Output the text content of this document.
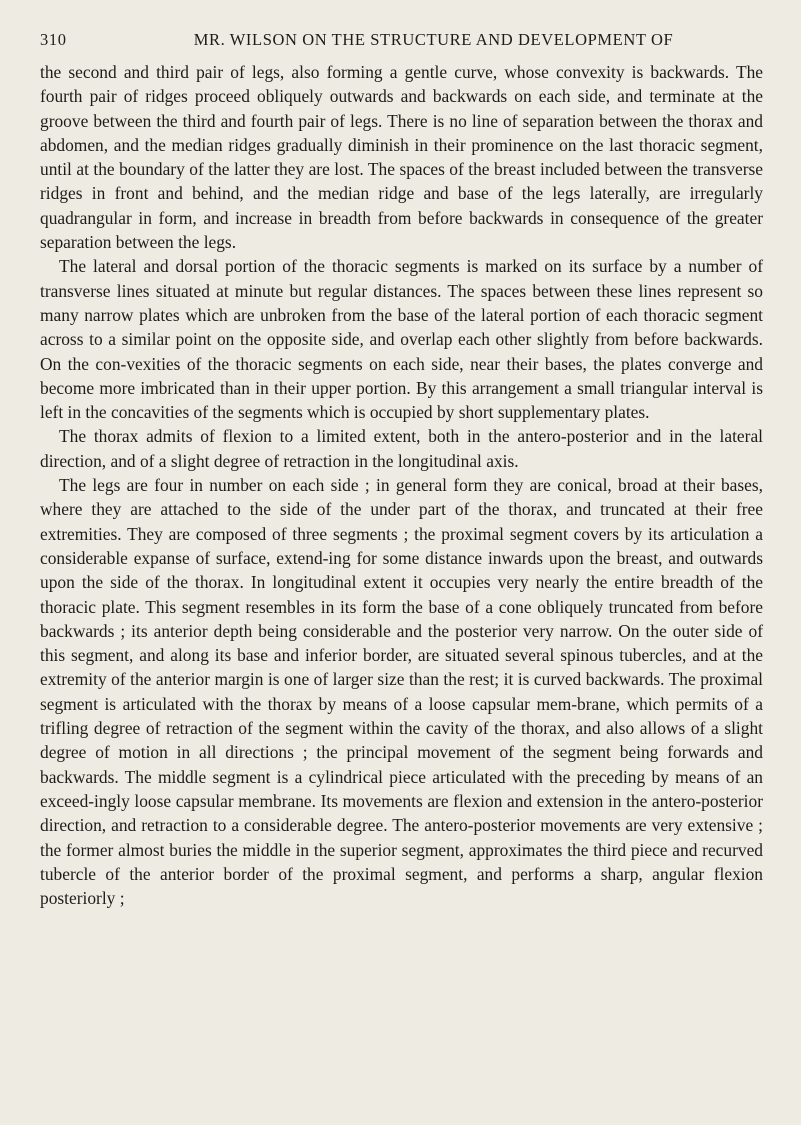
310	MR. WILSON ON THE STRUCTURE AND DEVELOPMENT OF

the second and third pair of legs, also forming a gentle curve, whose convexity is backwards. The fourth pair of ridges proceed obliquely outwards and backwards on each side, and terminate at the groove between the third and fourth pair of legs. There is no line of separation between the thorax and abdomen, and the median ridges gradually diminish in their prominence on the last thoracic segment, until at the boundary of the latter they are lost. The spaces of the breast included between the transverse ridges in front and behind, and the median ridge and base of the legs laterally, are irregularly quadrangular in form, and increase in breadth from before backwards in consequence of the greater separation between the legs.

The lateral and dorsal portion of the thoracic segments is marked on its surface by a number of transverse lines situated at minute but regular distances. The spaces between these lines represent so many narrow plates which are unbroken from the base of the lateral portion of each thoracic segment across to a similar point on the opposite side, and overlap each other slightly from before backwards. On the con-vexities of the thoracic segments on each side, near their bases, the plates converge and become more imbricated than in their upper portion. By this arrangement a small triangular interval is left in the concavities of the segments which is occupied by short supplementary plates.

The thorax admits of flexion to a limited extent, both in the antero-posterior and in the lateral direction, and of a slight degree of retraction in the longitudinal axis.

The legs are four in number on each side ; in general form they are conical, broad at their bases, where they are attached to the side of the under part of the thorax, and truncated at their free extremities. They are composed of three segments ; the proximal segment covers by its articulation a considerable expanse of surface, extend-ing for some distance inwards upon the breast, and outwards upon the side of the thorax. In longitudinal extent it occupies very nearly the entire breadth of the thoracic plate. This segment resembles in its form the base of a cone obliquely truncated from before backwards ; its anterior depth being considerable and the posterior very narrow. On the outer side of this segment, and along its base and inferior border, are situated several spinous tubercles, and at the extremity of the anterior margin is one of larger size than the rest; it is curved backwards. The proximal segment is articulated with the thorax by means of a loose capsular mem-brane, which permits of a trifling degree of retraction of the segment within the cavity of the thorax, and also allows of a slight degree of motion in all directions ; the principal movement of the segment being forwards and backwards. The middle segment is a cylindrical piece articulated with the preceding by means of an exceed-ingly loose capsular membrane. Its movements are flexion and extension in the antero-posterior direction, and retraction to a considerable degree. The antero-posterior movements are very extensive ; the former almost buries the middle in the superior segment, approximates the third piece and recurved tubercle of the anterior border of the proximal segment, and performs a sharp, angular flexion posteriorly ;
